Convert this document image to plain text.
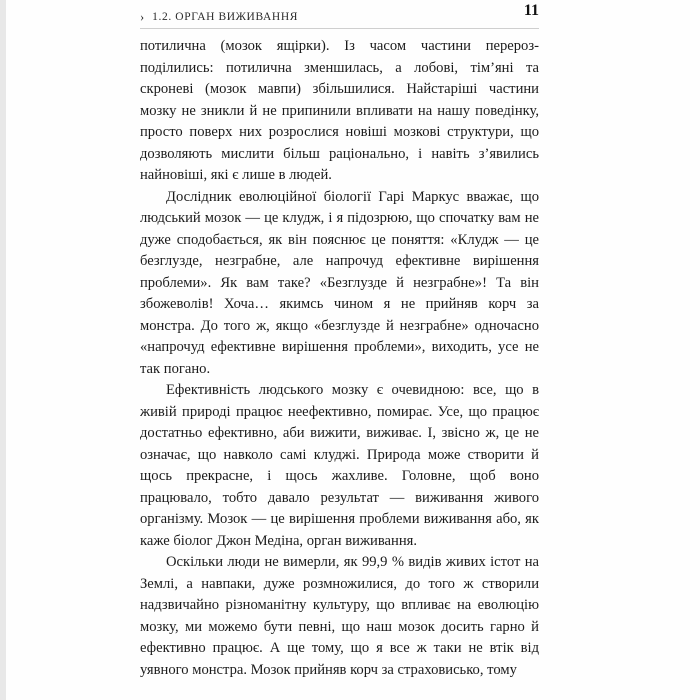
› 1.2. ОРГАН ВИЖИВАННЯ	11

потилична (мозок ящірки). Із часом частини перерозподілились: потилична зменшилась, а лобові, тім’яні та скроневі (мозок мавпи) збільшилися. Найстаріші частини мозку не зникли й не припинили впливати на нашу поведінку, просто поверх них розрослися новіші мозкові структури, що дозволяють мислити більш раціонально, і навіть з’явились найновіші, які є лише в людей.

Дослідник еволюційної біології Гарі Маркус вважає, що людський мозок — це клудж, і я підозрюю, що спочатку вам не дуже сподобається, як він пояснює це поняття: «Клудж — це безглузде, незграбне, але напрочуд ефективне вирішення проблеми». Як вам таке? «Безглузде й незграбне»! Та він збожеволів! Хоча… якимсь чином я не прийняв корч за монстра. До того ж, якщо «безглузде й незграбне» одночасно «напрочуд ефективне вирішення проблеми», виходить, усе не так погано.

Ефективність людського мозку є очевидною: все, що в живій природі працює неефективно, помирає. Усе, що працює достатньо ефективно, аби вижити, виживає. І, звісно ж, це не означає, що навколо самі клуджі. Природа може створити й щось прекрасне, і щось жахливе. Головне, щоб воно працювало, тобто давало результат — виживання живого організму. Мозок — це вирішення проблеми виживання або, як каже біолог Джон Медіна, орган виживання.

Оскільки люди не вимерли, як 99,9 % видів живих істот на Землі, а навпаки, дуже розмножилися, до того ж створили надзвичайно різноманітну культуру, що впливає на еволюцію мозку, ми можемо бути певні, що наш мозок досить гарно й ефективно працює. А ще тому, що я все ж таки не втік від уявного монстра. Мозок прийняв корч за страховисько, тому
